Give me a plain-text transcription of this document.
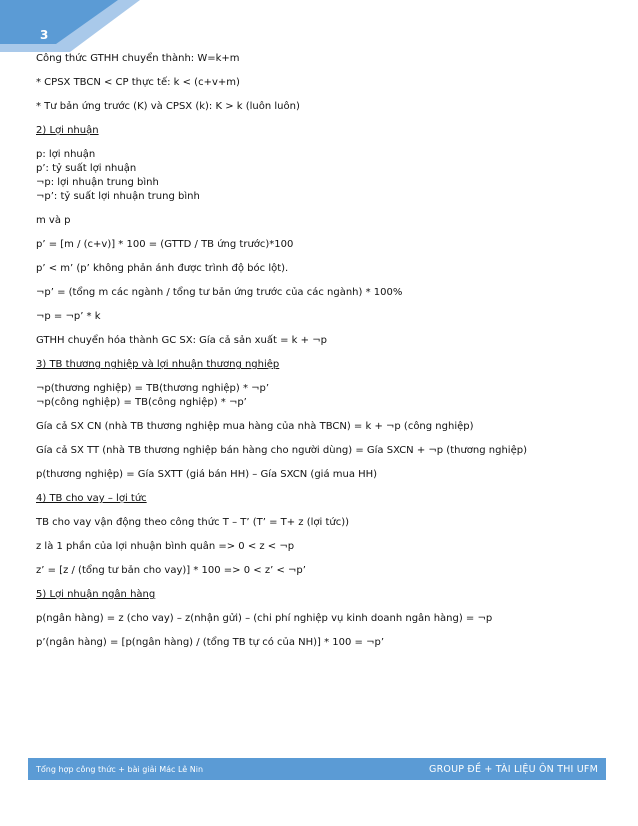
3

Công thức GTHH chuyển thành: W=k+m

* CPSX TBCN < CP thực tế: k < (c+v+m)

* Tư bản ứng trước (K) và CPSX (k): K > k (luôn luôn)

2) Lợi nhuận

p: lợi nhuận

p’: tỷ suất lợi nhuận

¬p: lợi nhuận trung bình

¬p’: tỷ suất lợi nhuận trung bình

m và p

p’ = [m / (c+v)] * 100 = (GTTD / TB ứng trước)*100

p’ < m’ (p’ không phản ánh được trình độ bóc lột).

¬p’ = (tổng m các ngành / tổng tư bản ứng trước của các ngành) * 100%

¬p = ¬p’ * k

GTHH chuyển hóa thành GC SX: Gía cả sản xuất = k + ¬p

3) TB thương nghiệp và lợi nhuận thương nghiệp

¬p(thương nghiệp) = TB(thương nghiệp) * ¬p’

¬p(công nghiệp) = TB(công nghiệp) * ¬p’

Gía cả SX CN (nhà TB thương nghiệp mua hàng của nhà TBCN) = k + ¬p (công nghiệp)

Gía cả SX TT (nhà TB thương nghiệp bán hàng cho người dùng) = Gía SXCN + ¬p (thương nghiệp)

p(thương nghiệp) = Gía SXTT (giá bán HH) – Gía SXCN (giá mua HH)

4) TB cho vay – lợi tức

TB cho vay vận động theo công thức T – T’ (T’ = T+ z (lợi tức))

z là 1 phần của lợi nhuận bình quân => 0 < z < ¬p

z’ = [z / (tổng tư bản cho vay)] * 100 => 0 < z’ < ¬p’

5) Lợi nhuận ngân hàng

p(ngân hàng) = z (cho vay) – z(nhận gửi) – (chi phí nghiệp vụ kinh doanh ngân hàng) = ¬p

p’(ngân hàng) = [p(ngân hàng) / (tổng TB tự có của NH)] * 100 = ¬p’

Tổng hợp công thức + bài giải Mác Lê Nin	GROUP ĐỀ + TÀI LIỆU ÔN THI UFM
